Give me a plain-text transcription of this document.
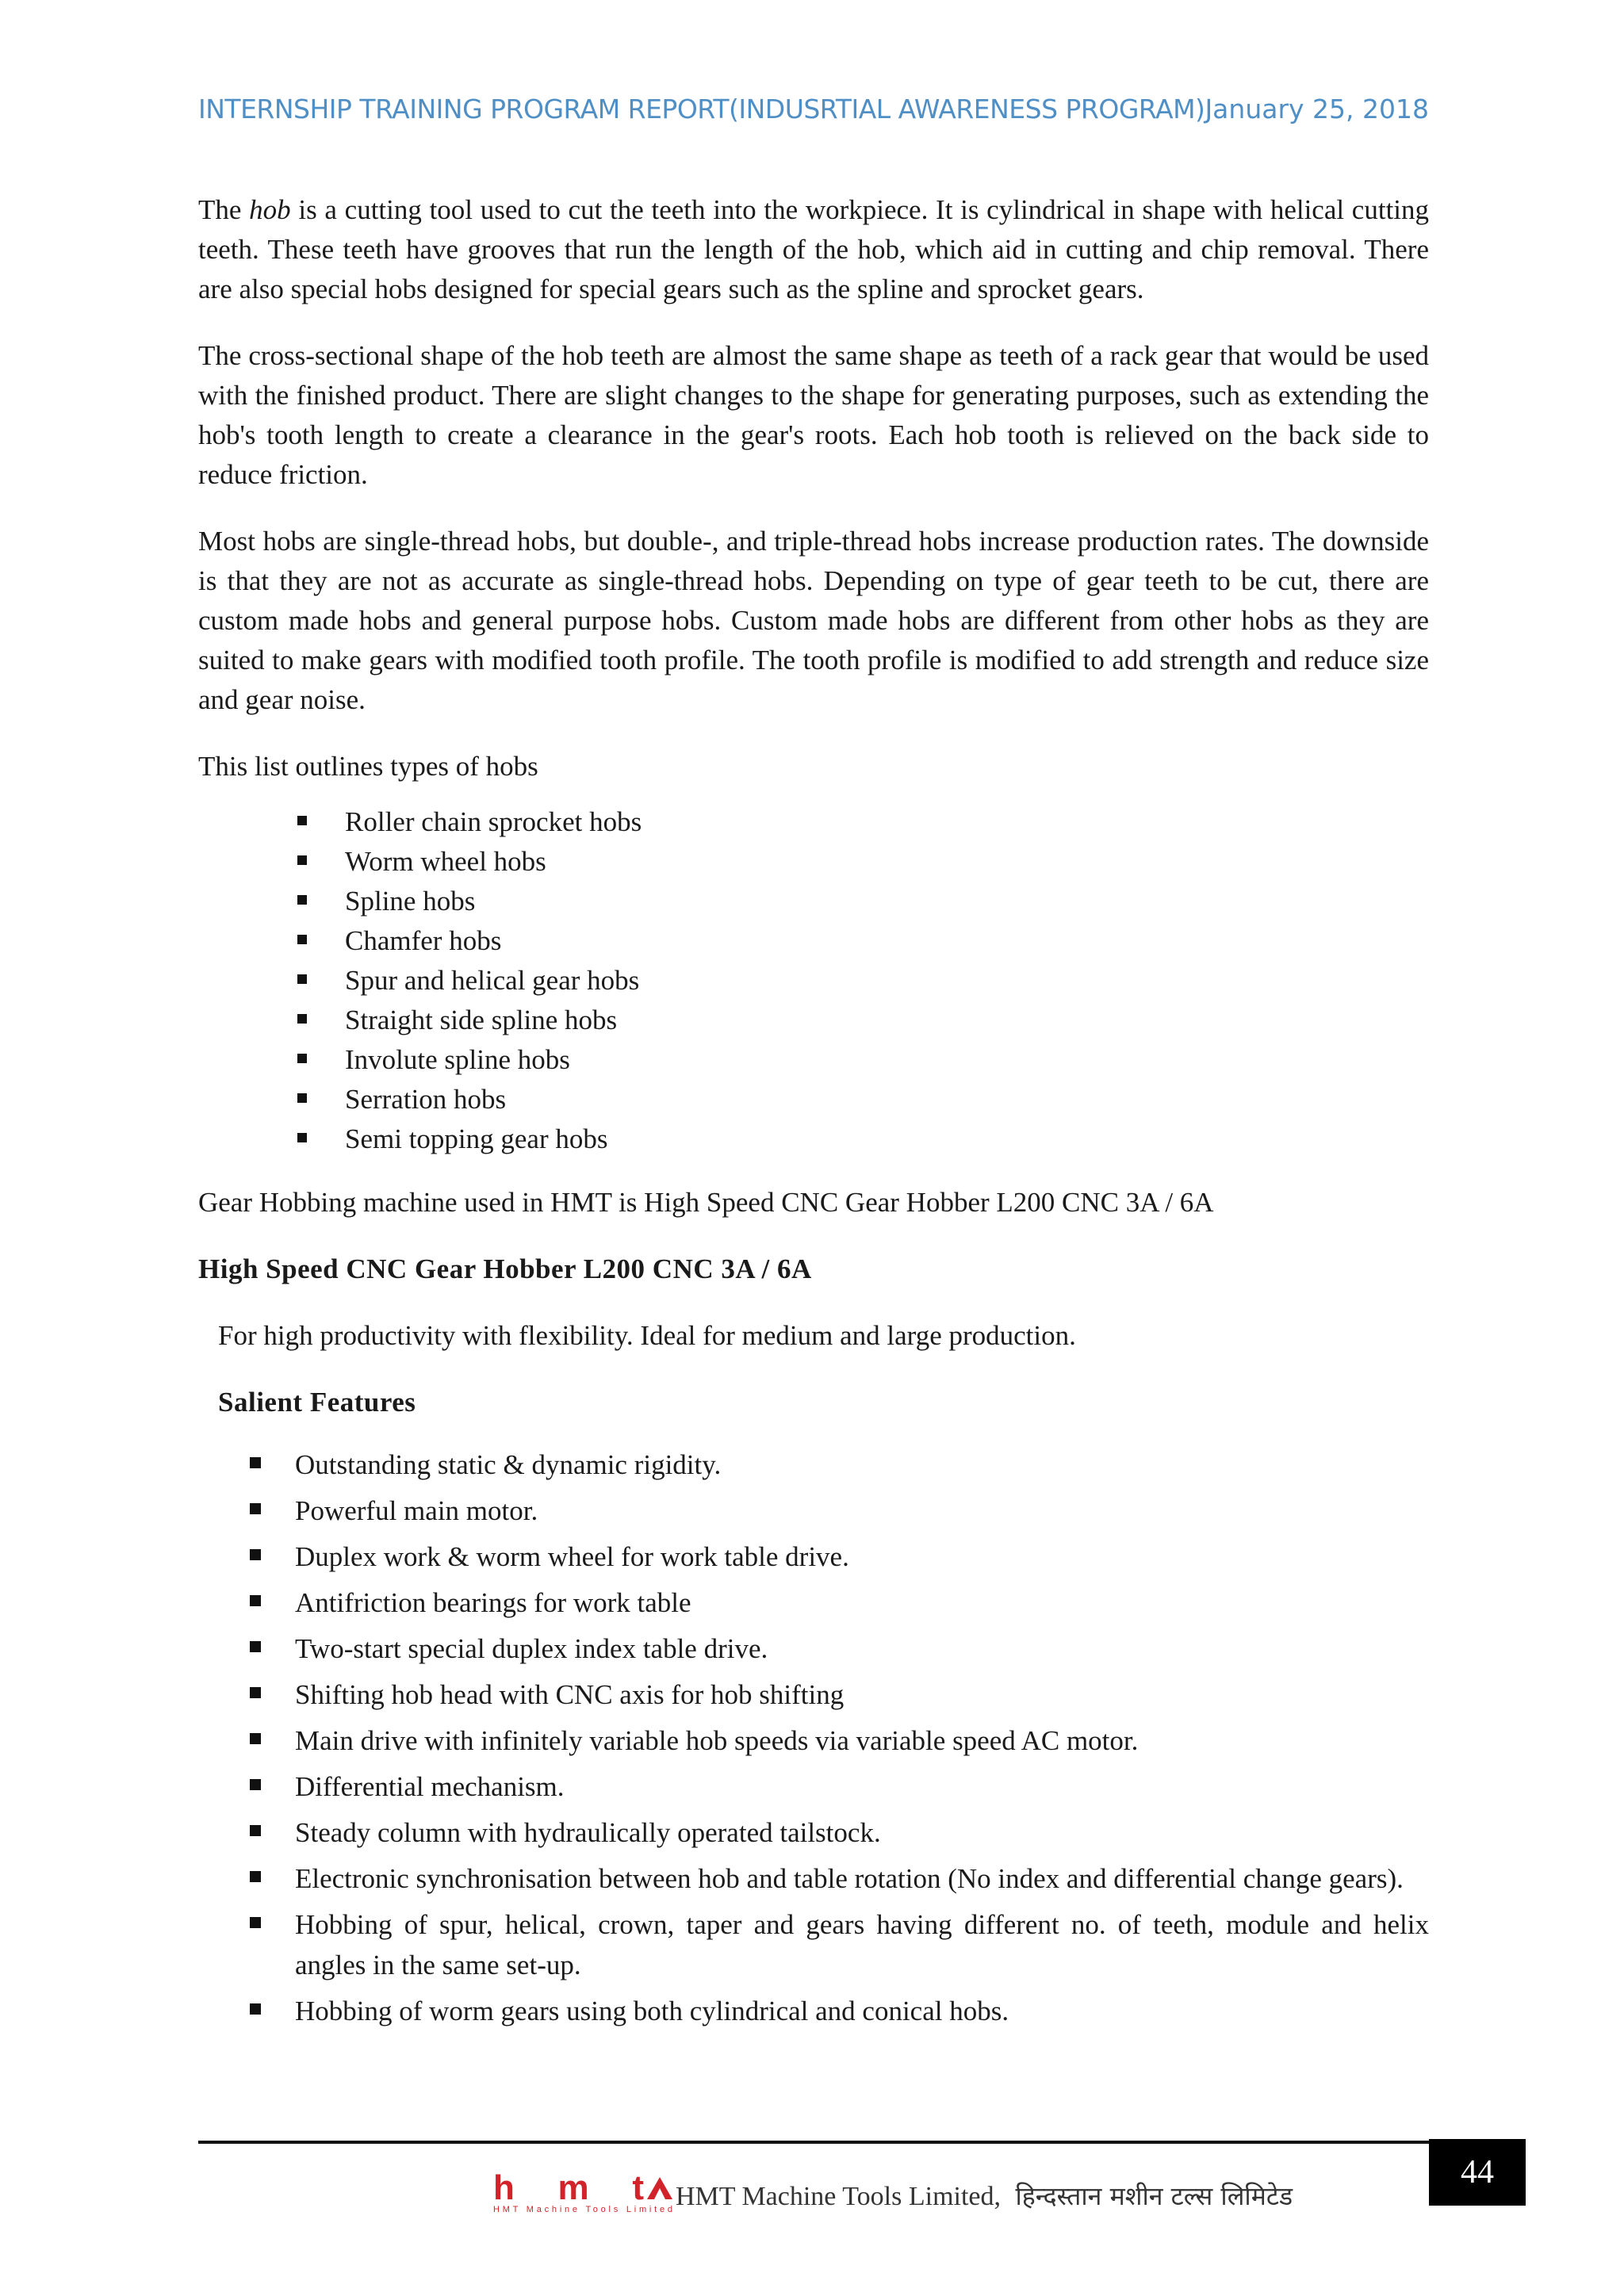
INTERNSHIP TRAINING PROGRAM REPORT(INDUSRTIAL AWARENESS PROGRAM) January 25, 2018

The hob is a cutting tool used to cut the teeth into the workpiece. It is cylindrical in shape with helical cutting teeth. These teeth have grooves that run the length of the hob, which aid in cutting and chip removal. There are also special hobs designed for special gears such as the spline and sprocket gears.

The cross-sectional shape of the hob teeth are almost the same shape as teeth of a rack gear that would be used with the finished product. There are slight changes to the shape for generating purposes, such as extending the hob's tooth length to create a clearance in the gear's roots. Each hob tooth is relieved on the back side to reduce friction.

Most hobs are single-thread hobs, but double-, and triple-thread hobs increase production rates. The downside is that they are not as accurate as single-thread hobs. Depending on type of gear teeth to be cut, there are custom made hobs and general purpose hobs. Custom made hobs are different from other hobs as they are suited to make gears with modified tooth profile. The tooth profile is modified to add strength and reduce size and gear noise.

This list outlines types of hobs

Roller chain sprocket hobs
Worm wheel hobs
Spline hobs
Chamfer hobs
Spur and helical gear hobs
Straight side spline hobs
Involute spline hobs
Serration hobs
Semi topping gear hobs

Gear Hobbing machine used in HMT is High Speed CNC Gear Hobber L200 CNC 3A / 6A

High Speed CNC Gear Hobber L200 CNC 3A / 6A
For high productivity with flexibility. Ideal for medium and large production.
Salient Features
Outstanding static & dynamic rigidity.
Powerful main motor.
Duplex work & worm wheel for work table drive.
Antifriction bearings for work table
Two-start special duplex index table drive.
Shifting hob head with CNC axis for hob shifting
Main drive with infinitely variable hob speeds via variable speed AC motor.
Differential mechanism.
Steady column with hydraulically operated tailstock.
Electronic synchronisation between hob and table rotation (No index and differential change gears).
Hobbing of spur, helical, crown, taper and gears having different no. of teeth, module and helix angles in the same set-up.
Hobbing of worm gears using both cylindrical and conical hobs.
hmt
HMT Machine Tools Limited HMT Machine Tools Limited, हिन्दस्तान मशीन टल्स लिमिटेड
44
